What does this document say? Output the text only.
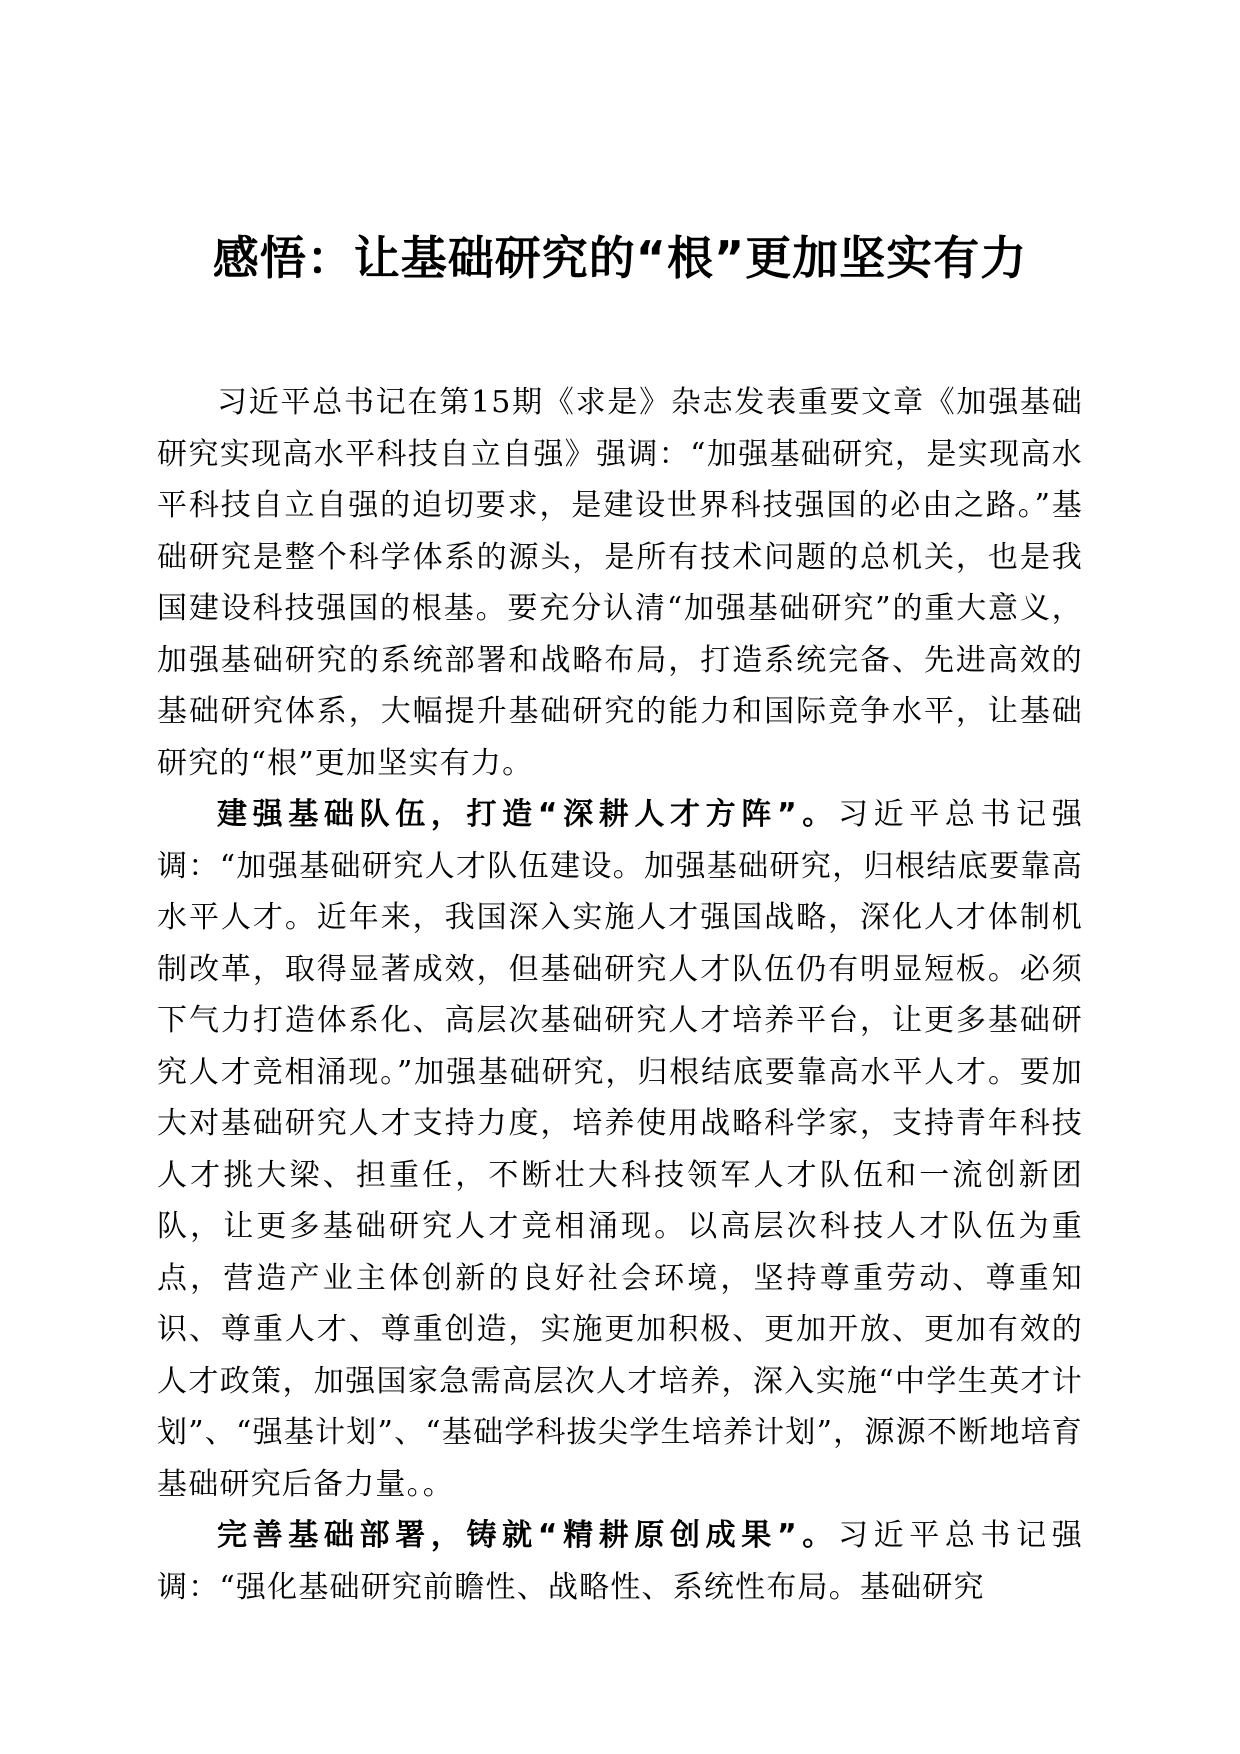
感悟：让基础研究的“根”更加坚实有力

习近平总书记在第15期《求是》杂志发表重要文章《加强基础研究实现高水平科技自立自强》强调：“加强基础研究，是实现高水平科技自立自强的迫切要求，是建设世界科技强国的必由之路。”基础研究是整个科学体系的源头，是所有技术问题的总机关，也是我国建设科技强国的根基。要充分认清“加强基础研究”的重大意义，加强基础研究的系统部署和战略布局，打造系统完备、先进高效的基础研究体系，大幅提升基础研究的能力和国际竞争水平，让基础研究的“根”更加坚实有力。

建强基础队伍，打造“深耕人才方阵”。习近平总书记强调：“加强基础研究人才队伍建设。加强基础研究，归根结底要靠高水平人才。近年来，我国深入实施人才强国战略，深化人才体制机制改革，取得显著成效，但基础研究人才队伍仍有明显短板。必须下气力打造体系化、高层次基础研究人才培养平台，让更多基础研究人才竞相涌现。”加强基础研究，归根结底要靠高水平人才。要加大对基础研究人才支持力度，培养使用战略科学家，支持青年科技人才挑大梁、担重任，不断壮大科技领军人才队伍和一流创新团队，让更多基础研究人才竞相涌现。以高层次科技人才队伍为重点，营造产业主体创新的良好社会环境，坚持尊重劳动、尊重知识、尊重人才、尊重创造，实施更加积极、更加开放、更加有效的人才政策，加强国家急需高层次人才培养，深入实施“中学生英才计划”、“强基计划”、“基础学科拔尖学生培养计划”，源源不断地培育基础研究后备力量。。

完善基础部署，铸就“精耕原创成果”。习近平总书记强调：“强化基础研究前瞻性、战略性、系统性布局。基础研究
